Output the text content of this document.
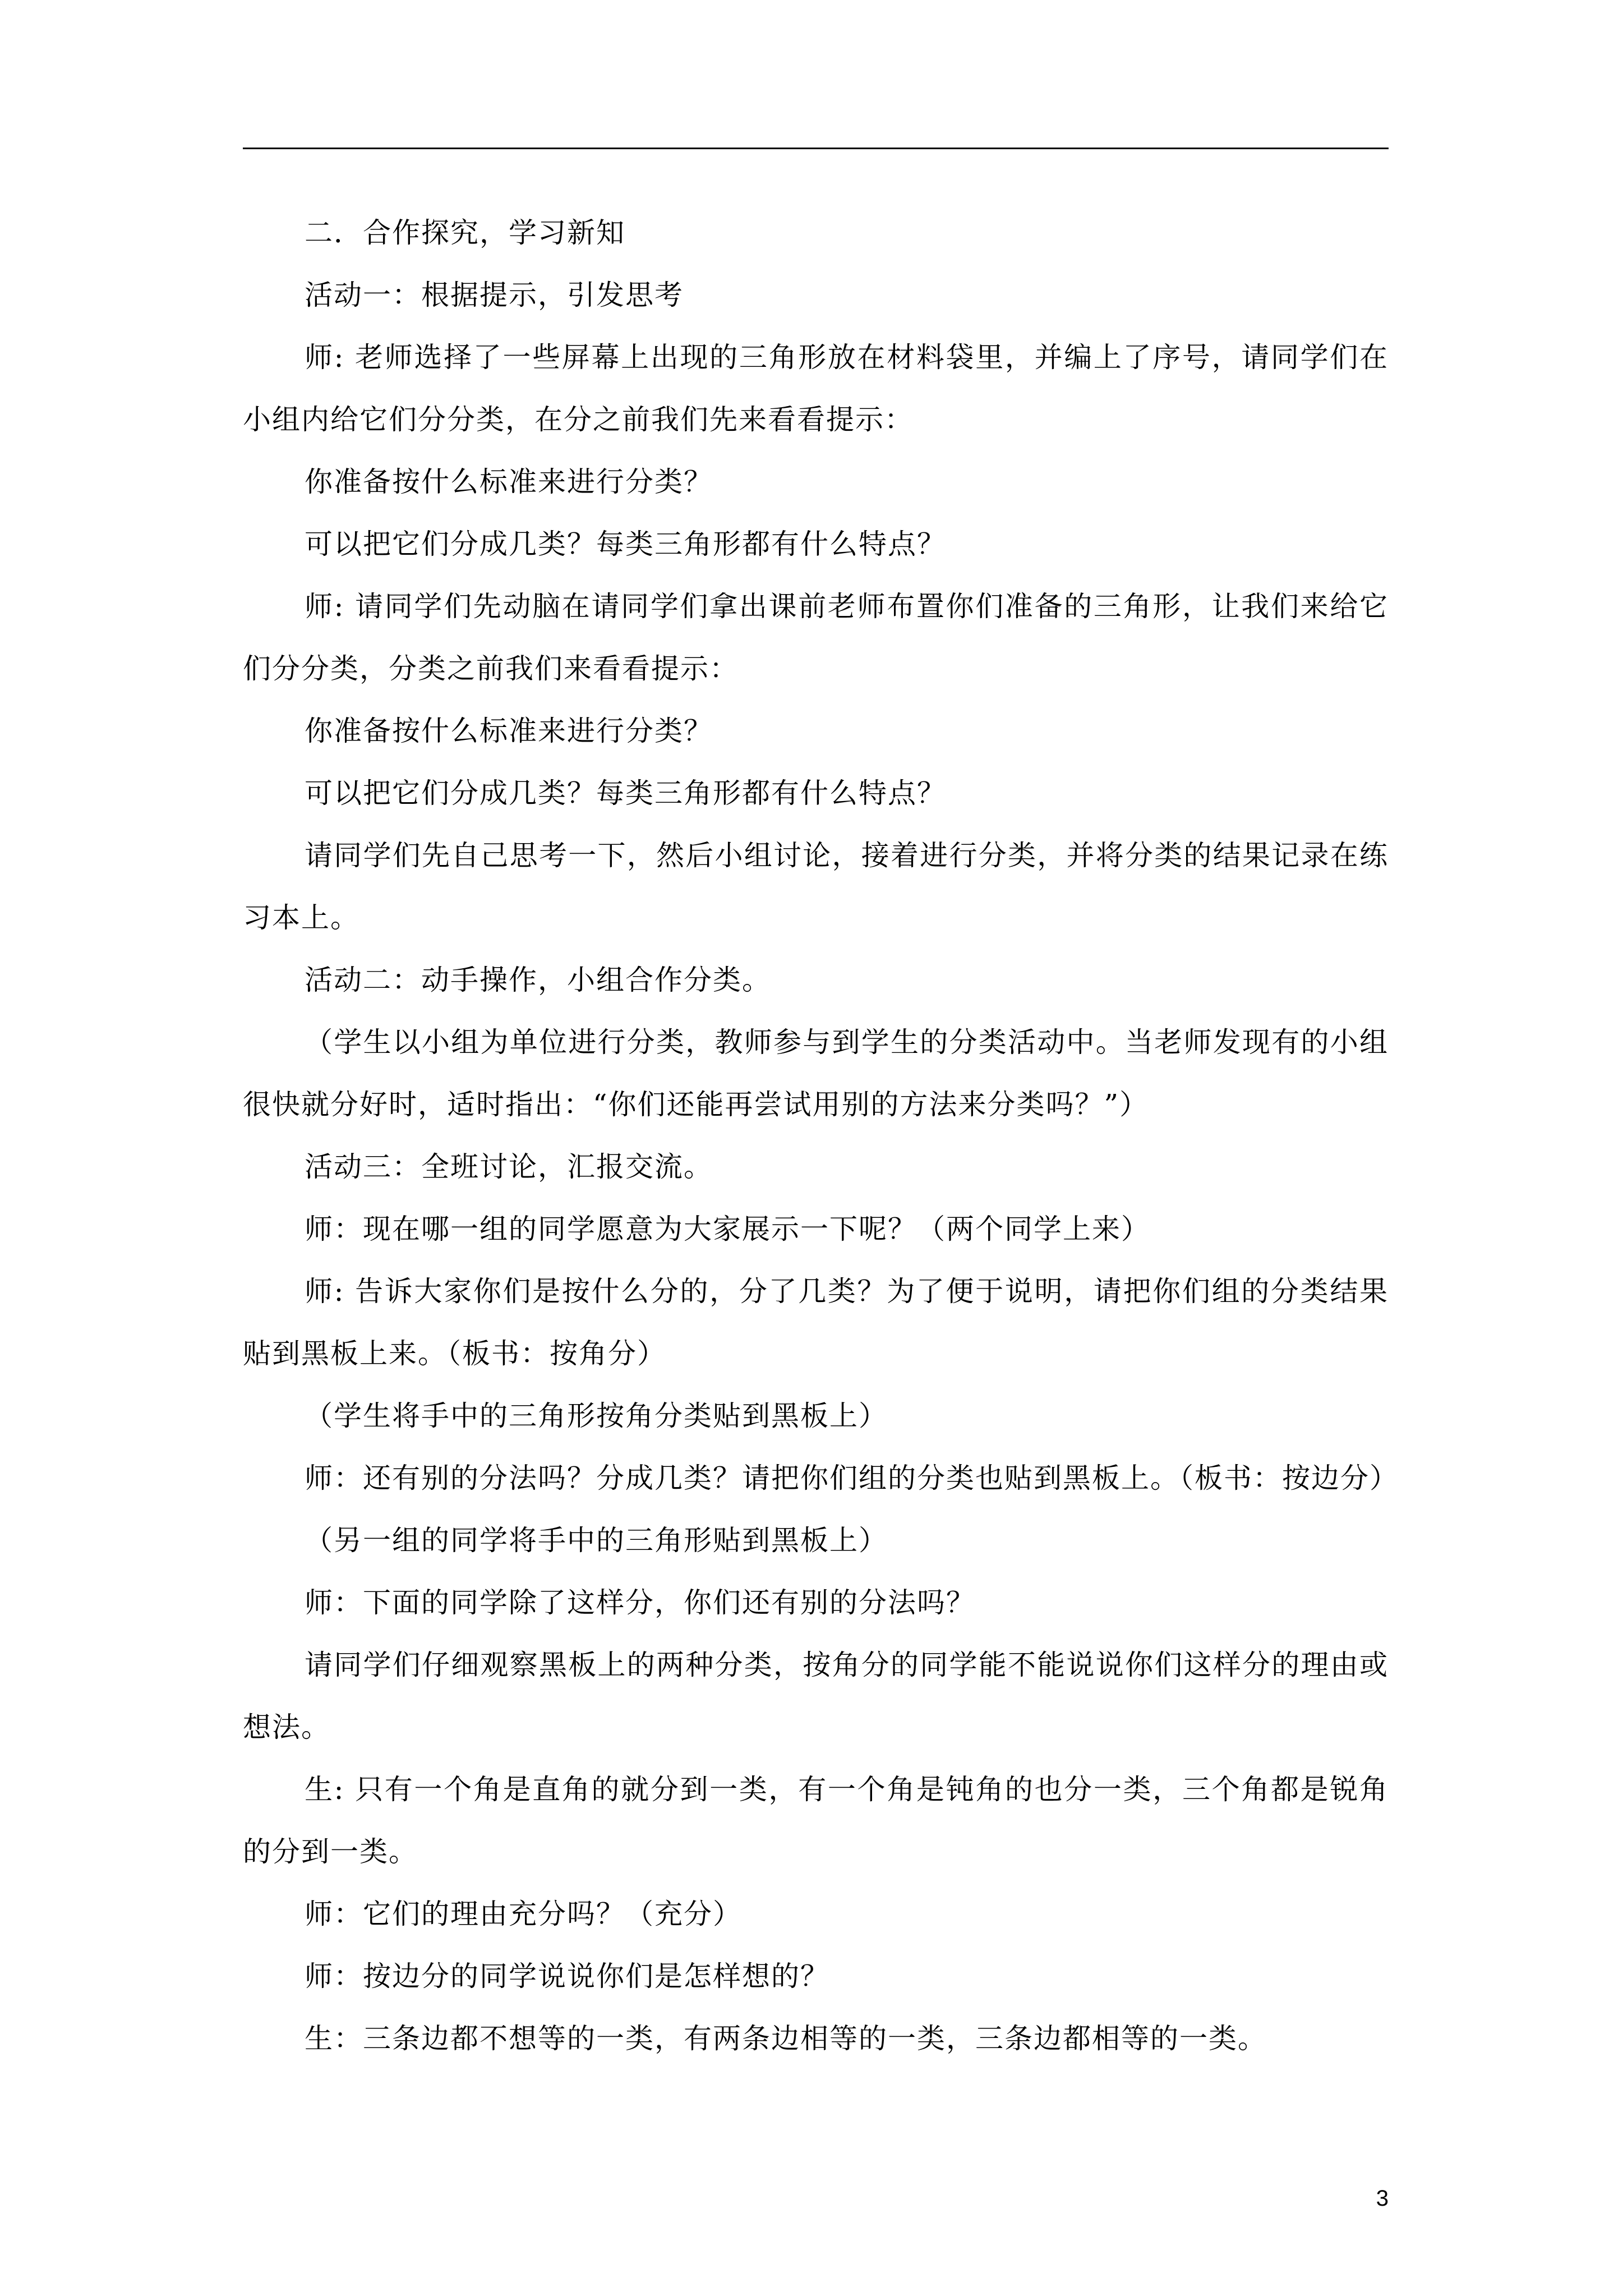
二．合作探究，学习新知

活动一：根据提示，引发思考

师: 老师选择了一些屏幕上出现的三角形放在材料袋里，并编上了序号，请同学们在小组内给它们分分类，在分之前我们先来看看提示：

你准备按什么标准来进行分类？

可以把它们分成几类？每类三角形都有什么特点？

师: 请同学们先动脑在请同学们拿出课前老师布置你们准备的三角形，让我们来给它们分分类，分类之前我们来看看提示：

你准备按什么标准来进行分类？

可以把它们分成几类？每类三角形都有什么特点？

请同学们先自己思考一下，然后小组讨论，接着进行分类，并将分类的结果记录在练习本上。

活动二：动手操作，小组合作分类。

（学生以小组为单位进行分类，教师参与到学生的分类活动中。当老师发现有的小组很快就分好时，适时指出：“你们还能再尝试用别的方法来分类吗？”）

活动三：全班讨论，汇报交流。

师：现在哪一组的同学愿意为大家展示一下呢？（两个同学上来）

师: 告诉大家你们是按什么分的，分了几类？为了便于说明，请把你们组的分类结果贴到黑板上来。（板书：按角分）

（学生将手中的三角形按角分类贴到黑板上）

师：还有别的分法吗？分成几类？请把你们组的分类也贴到黑板上。（板书：按边分）

（另一组的同学将手中的三角形贴到黑板上）

师：下面的同学除了这样分，你们还有别的分法吗？

请同学们仔细观察黑板上的两种分类，按角分的同学能不能说说你们这样分的理由或想法。

生: 只有一个角是直角的就分到一类，有一个角是钝角的也分一类，三个角都是锐角的分到一类。

师：它们的理由充分吗？（充分）

师：按边分的同学说说你们是怎样想的？

生：三条边都不想等的一类，有两条边相等的一类，三条边都相等的一类。

3
